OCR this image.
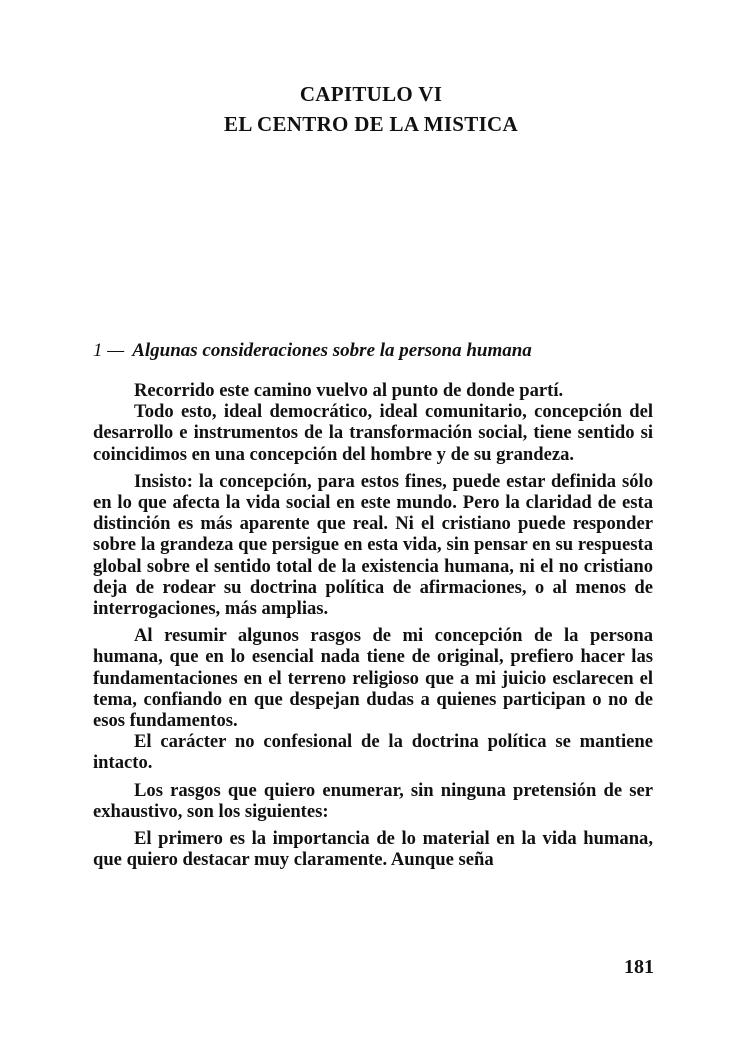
CAPITULO VI
EL CENTRO DE LA MISTICA
1 — Algunas consideraciones sobre la persona humana

Recorrido este camino vuelvo al punto de donde partí.

Todo esto, ideal democrático, ideal comunitario, concepción del desarrollo e instrumentos de la transformación social, tiene sentido si coincidimos en una concepción del hombre y de su grandeza.

Insisto: la concepción, para estos fines, puede estar definida sólo en lo que afecta la vida social en este mundo. Pero la claridad de esta distinción es más aparente que real. Ni el cristiano puede responder sobre la grandeza que persigue en esta vida, sin pensar en su respuesta global sobre el sentido total de la existencia humana, ni el no cristiano deja de rodear su doctrina política de afirmaciones, o al menos de interrogaciones, más amplias.

Al resumir algunos rasgos de mi concepción de la persona humana, que en lo esencial nada tiene de original, prefiero hacer las fundamentaciones en el terreno religioso que a mi juicio esclarecen el tema, confiando en que despejan dudas a quienes participan o no de esos fundamentos.

El carácter no confesional de la doctrina política se mantiene intacto.

Los rasgos que quiero enumerar, sin ninguna pretensión de ser exhaustivo, son los siguientes:

El primero es la importancia de lo material en la vida humana, que quiero destacar muy claramente. Aunque seña

181
